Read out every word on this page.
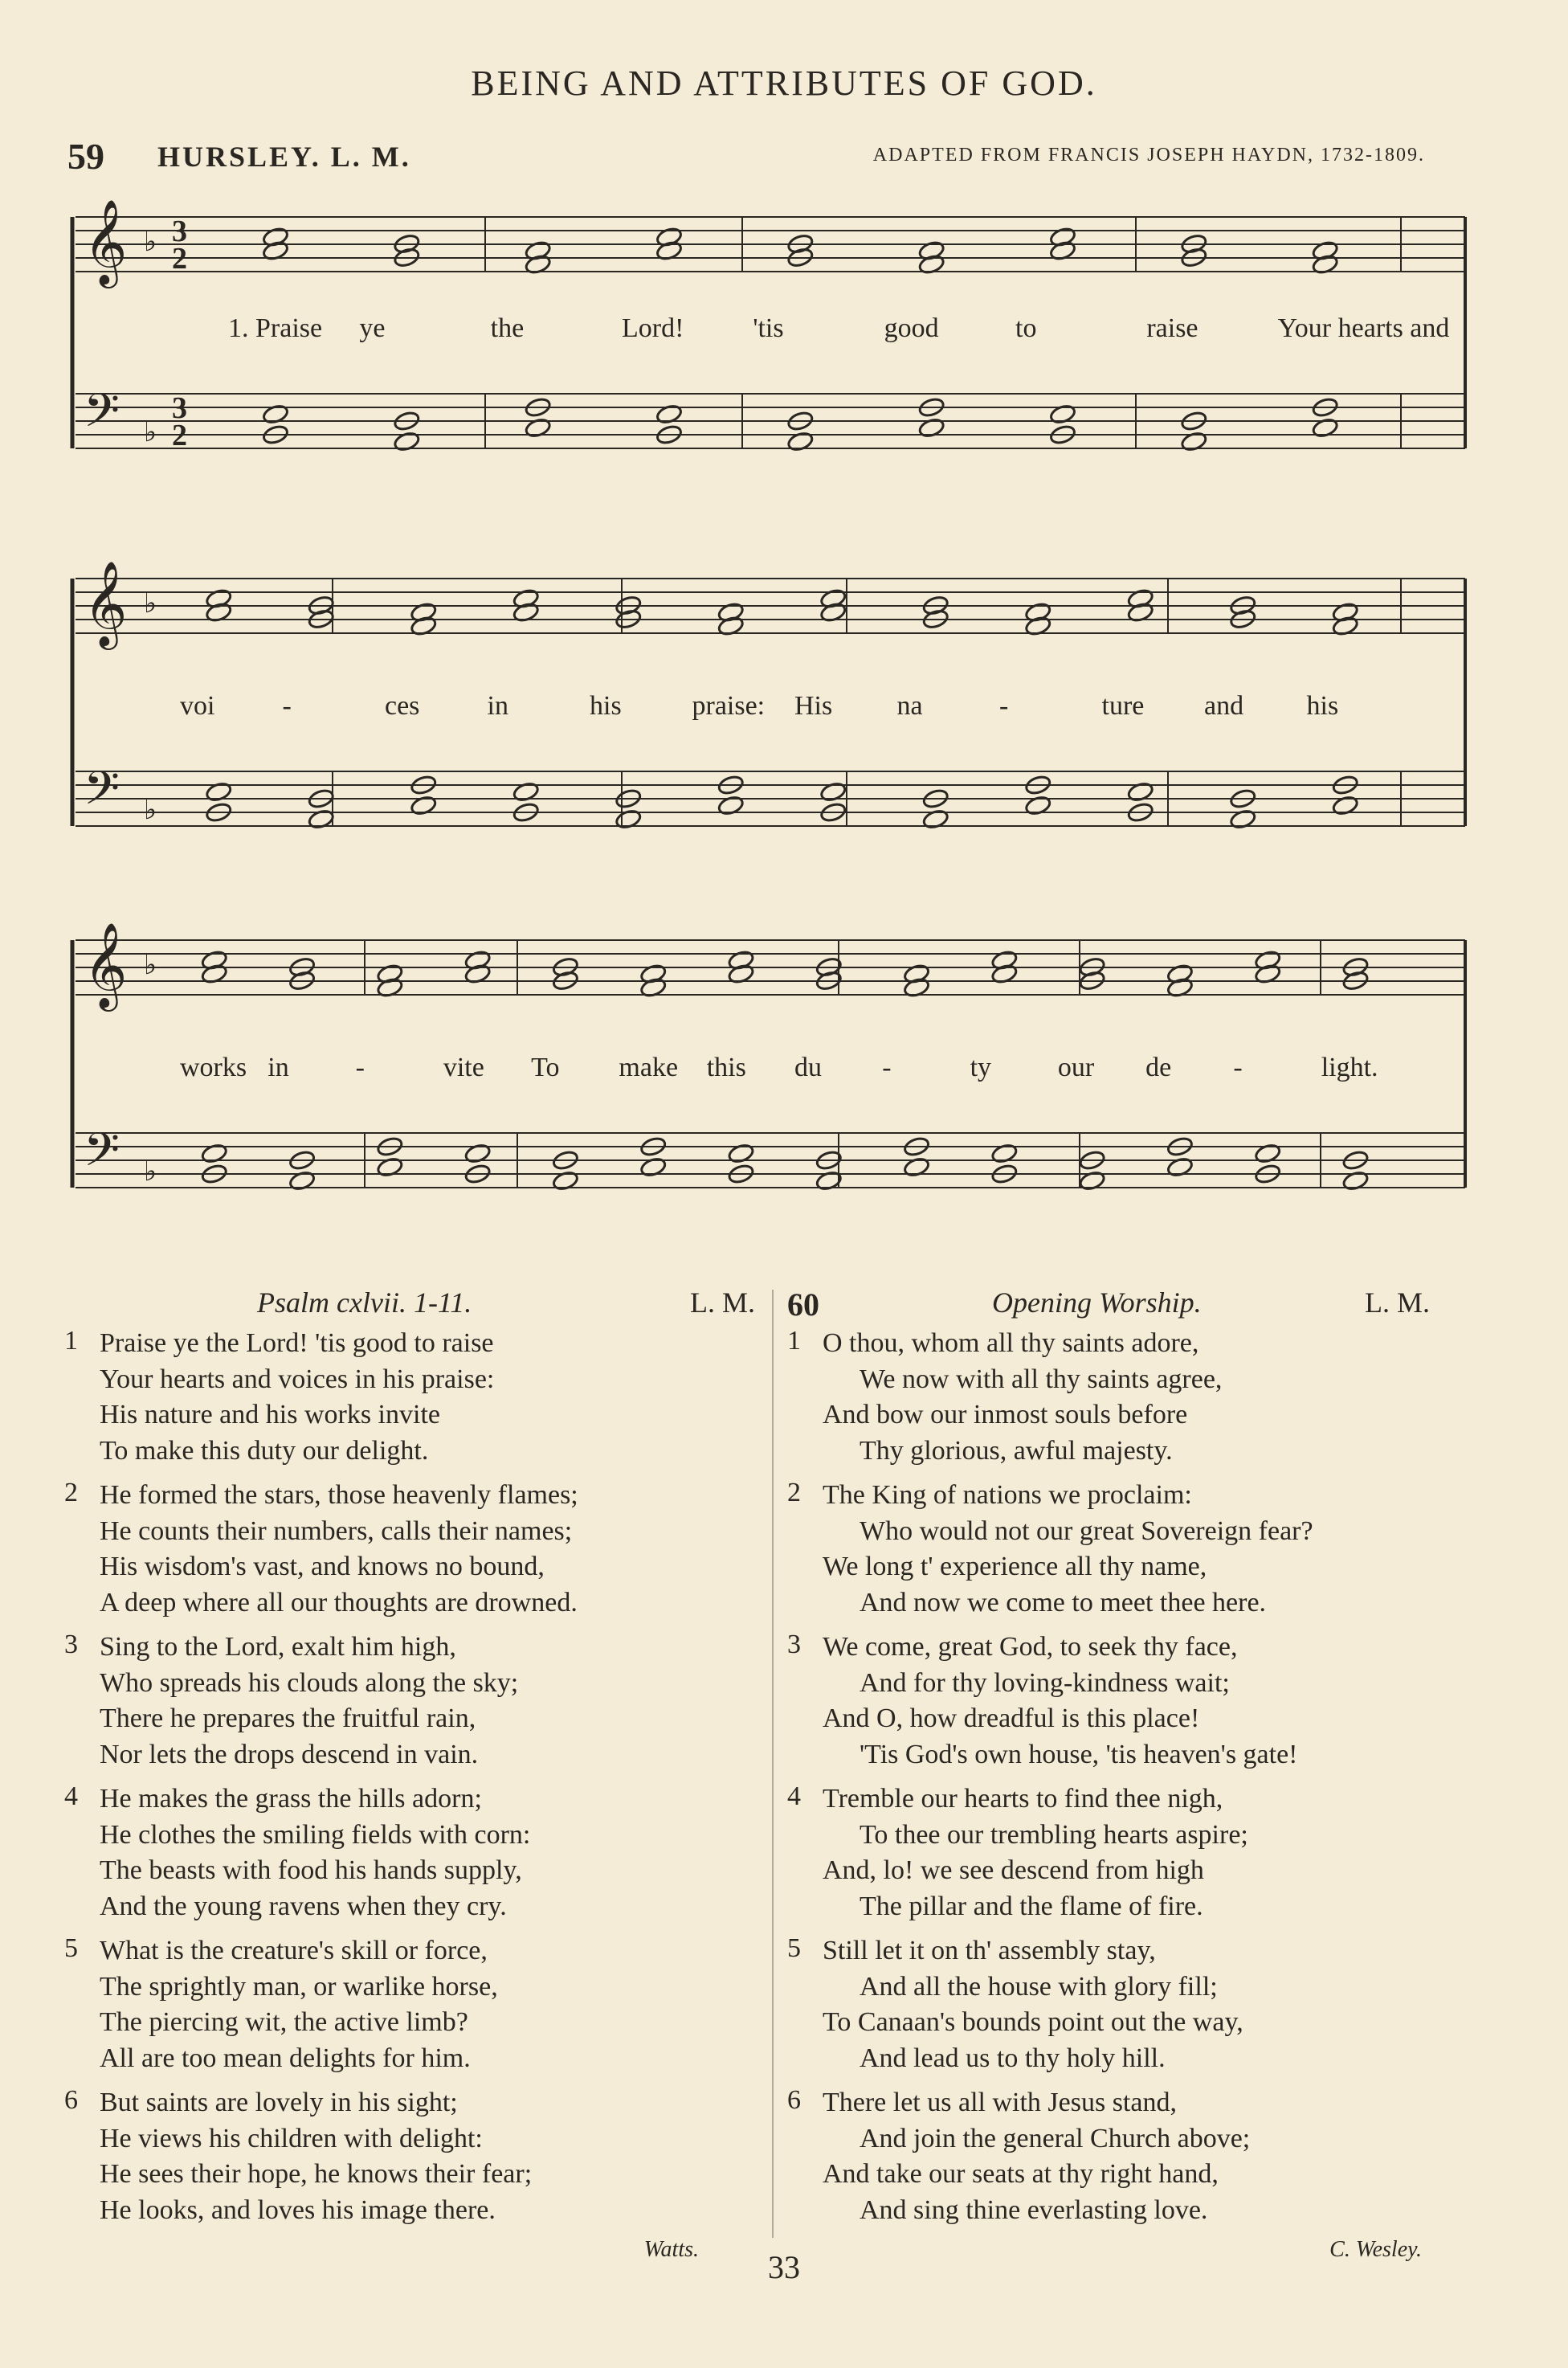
BEING AND ATTRIBUTES OF GOD.
59 HURSLEY. L. M.	ADAPTED FROM FRANCIS JOSEPH HAYDN, 1732-1809.
𝄞
𝄢
♭
♭
3
2
3
2
1. Praise ye	the	Lord!	'tis	good	to	raise	Your hearts and
𝄞
𝄢
♭
♭
voi -	ces in	his	praise: His na	-	ture and his
𝄞
𝄢
♭
♭
works in -	vite To make this du -	ty our de -	light.
Psalm cxlvii. 1-11.	L. M.
1 Praise ye the Lord! 'tis good to raise
Your hearts and voices in his praise:
His nature and his works invite
To make this duty our delight.
2 He formed the stars, those heavenly flames;
He counts their numbers, calls their names;
His wisdom's vast, and knows no bound,
A deep where all our thoughts are drowned.
3 Sing to the Lord, exalt him high,
Who spreads his clouds along the sky;
There he prepares the fruitful rain,
Nor lets the drops descend in vain.
4 He makes the grass the hills adorn;
He clothes the smiling fields with corn:
The beasts with food his hands supply,
And the young ravens when they cry.
5 What is the creature's skill or force,
The sprightly man, or warlike horse,
The piercing wit, the active limb?
All are too mean delights for him.
6 But saints are lovely in his sight;
He views his children with delight:
He sees their hope, he knows their fear;
He looks, and loves his image there.
Watts.
60	Opening Worship.	L. M.
1 O thou, whom all thy saints adore,
We now with all thy saints agree,
And bow our inmost souls before
Thy glorious, awful majesty.
2 The King of nations we proclaim:
Who would not our great Sovereign fear?
We long t' experience all thy name,
And now we come to meet thee here.
3 We come, great God, to seek thy face,
And for thy loving-kindness wait;
And O, how dreadful is this place!
'Tis God's own house, 'tis heaven's gate!
4 Tremble our hearts to find thee nigh,
To thee our trembling hearts aspire;
And, lo! we see descend from high
The pillar and the flame of fire.
5 Still let it on th' assembly stay,
And all the house with glory fill;
To Canaan's bounds point out the way,
And lead us to thy holy hill.
6 There let us all with Jesus stand,
And join the general Church above;
And take our seats at thy right hand,
And sing thine everlasting love.
C. Wesley.
33
